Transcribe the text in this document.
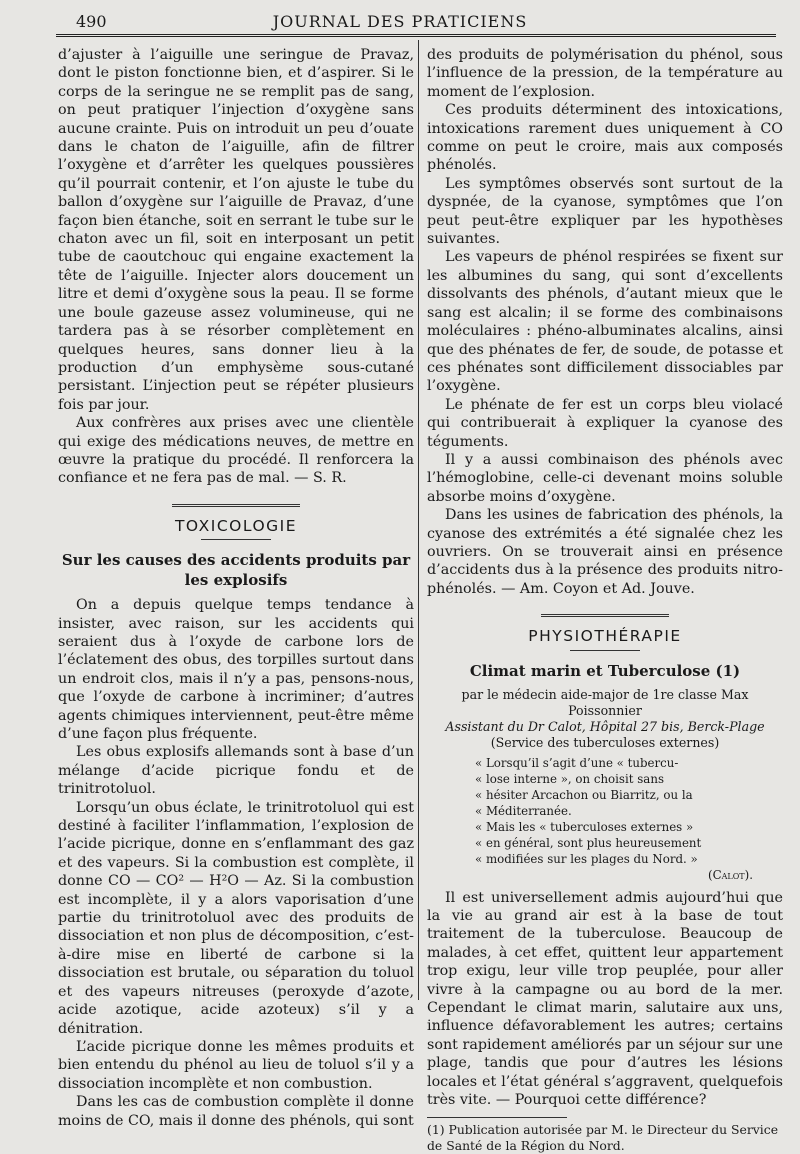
490	JOURNAL DES PRATICIENS

d’ajuster à l’aiguille une seringue de Pravaz, dont le piston fonctionne bien, et d’aspirer. Si le corps de la seringue ne se remplit pas de sang, on peut pratiquer l’injection d’oxygène sans aucune crainte. Puis on introduit un peu d’ouate dans le chaton de l’aiguille, afin de filtrer l’oxygène et d’arrêter les quelques poussières qu’il pourrait contenir, et l’on ajuste le tube du ballon d’oxygène sur l’aiguille de Pravaz, d’une façon bien étanche, soit en serrant le tube sur le chaton avec un fil, soit en interposant un petit tube de caoutchouc qui engaine exactement la tête de l’aiguille. Injecter alors doucement un litre et demi d’oxygène sous la peau. Il se forme une boule gazeuse assez volumineuse, qui ne tardera pas à se résorber complètement en quelques heures, sans donner lieu à la production d’un emphysème sous-cutané persistant. L’injection peut se répéter plusieurs fois par jour.

Aux confrères aux prises avec une clientèle qui exige des médications neuves, de mettre en œuvre la pratique du procédé. Il renforcera la confiance et ne fera pas de mal. — S. R.

TOXICOLOGIE
Sur les causes des accidents produits par les explosifs

On a depuis quelque temps tendance à insister, avec raison, sur les accidents qui seraient dus à l’oxyde de carbone lors de l’éclatement des obus, des torpilles surtout dans un endroit clos, mais il n’y a pas, pensons-nous, que l’oxyde de carbone à incriminer; d’autres agents chimiques interviennent, peut-être même d’une façon plus fréquente.

Les obus explosifs allemands sont à base d’un mélange d’acide picrique fondu et de trinitrotoluol.

Lorsqu’un obus éclate, le trinitrotoluol qui est destiné à faciliter l’inflammation, l’explosion de l’acide picrique, donne en s’enflammant des gaz et des vapeurs. Si la combustion est complète, il donne CO — CO² — H²O — Az. Si la combustion est incomplète, il y a alors vaporisation d’une partie du trinitrotoluol avec des produits de dissociation et non plus de décomposition, c’est-à-dire mise en liberté de carbone si la dissociation est brutale, ou séparation du toluol et des vapeurs nitreuses (peroxyde d’azote, acide azotique, acide azoteux) s’il y a dénitration.

L’acide picrique donne les mêmes produits et bien entendu du phénol au lieu de toluol s’il y a dissociation incomplète et non combustion.

Dans les cas de combustion complète il donne moins de CO, mais il donne des phénols, qui sont

des produits de polymérisation du phénol, sous l’influence de la pression, de la température au moment de l’explosion.

Ces produits déterminent des intoxications, intoxications rarement dues uniquement à CO comme on peut le croire, mais aux composés phénolés.

Les symptômes observés sont surtout de la dyspnée, de la cyanose, symptômes que l’on peut peut-être expliquer par les hypothèses suivantes.

Les vapeurs de phénol respirées se fixent sur les albumines du sang, qui sont d’excellents dissolvants des phénols, d’autant mieux que le sang est alcalin; il se forme des combinaisons moléculaires : phéno-albuminates alcalins, ainsi que des phénates de fer, de soude, de potasse et ces phénates sont difficilement dissociables par l’oxygène.

Le phénate de fer est un corps bleu violacé qui contribuerait à expliquer la cyanose des téguments.

Il y a aussi combinaison des phénols avec l’hémoglobine, celle-ci devenant moins soluble absorbe moins d’oxygène.

Dans les usines de fabrication des phénols, la cyanose des extrémités a été signalée chez les ouvriers. On se trouverait ainsi en présence d’accidents dus à la présence des produits nitro-phénolés. — Am. Coyon et Ad. Jouve.

PHYSIOTHÉRAPIE
Climat marin et Tuberculose (1)
par le médecin aide-major de 1re classe Max Poissonnier
Assistant du Dr Calot, Hôpital 27 bis, Berck-Plage
(Service des tuberculoses externes)
« Lorsqu’il s’agit d’une « tubercu-
« lose interne », on choisit sans
« hésiter Arcachon ou Biarritz, ou la
« Méditerranée.
« Mais les « tuberculoses externes »
« en général, sont plus heureusement
« modifiées sur les plages du Nord. »
(Calot).

Il est universellement admis aujourd’hui que la vie au grand air est à la base de tout traitement de la tuberculose. Beaucoup de malades, à cet effet, quittent leur appartement trop exigu, leur ville trop peuplée, pour aller vivre à la campagne ou au bord de la mer. Cependant le climat marin, salutaire aux uns, influence défavorablement les autres; certains sont rapidement améliorés par un séjour sur une plage, tandis que pour d’autres les lésions locales et l’état général s’aggravent, quelquefois très vite. — Pourquoi cette différence?

(1) Publication autorisée par M. le Directeur du Service de Santé de la Région du Nord.
